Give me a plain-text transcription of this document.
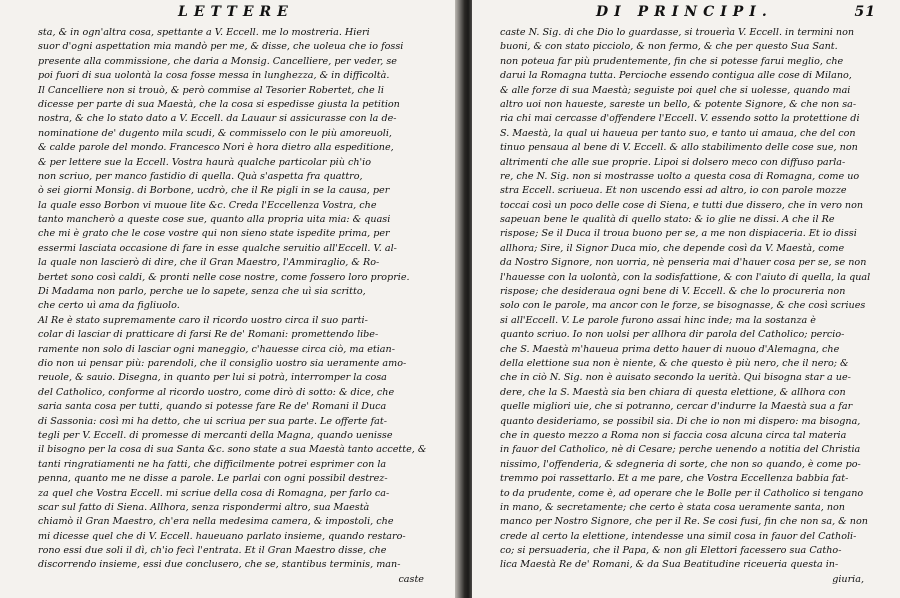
LETTERE
sta, & in ogn'altra cosa, spettante a V. Eccell. me lo mostreria. Hieri
suor d'ogni aspettation mia mandò per me, & disse, che uoleua che io fossi
presente alla commissione, che daria a Monsig. Cancelliere, per veder, se
poi fuori di sua uolontà la cosa fosse messa in lunghezza, & in difficoltà.
Il Cancelliere non si trouò, & però commise al Tesorier Robertet, che li
dicesse per parte di sua Maestà, che la cosa si espedisse giusta la petition
nostra, & che lo stato dato a V. Eccell. da Lauaur si assicurasse con la de-
nominatione de' dugento mila scudi, & commisselo con le più amoreuoli,
& calde parole del mondo. Francesco Nori è hora dietro alla espeditione,
& per lettere sue la Eccell. Vostra haurà qualche particolar più ch'io
non scriuo, per manco fastidio di quella. Quà s'aspetta fra quattro,
ò sei giorni Monsig. di Borbone, ucdrò, che il Re pigli in se la causa, per
la quale esso Borbon vi muoue lite &c. Creda l'Eccellenza Vostra, che
tanto mancherò a queste cose sue, quanto alla propria uita mia: & quasi
che mi è grato che le cose vostre qui non sieno state ispedite prima, per
essermi lasciata occasione di fare in esse qualche seruitio all'Eccell. V. al-
la quale non lascierò di dire, che il Gran Maestro, l'Ammiraglio, & Ro-
bertet sono così caldi, & pronti nelle cose nostre, come fossero loro proprie.
Di Madama non parlo, perche ue lo sapete, senza che uì sia scritto,
che certo uì ama da figliuolo.
Al Re è stato supremamente caro il ricordo uostro circa il suo parti-
colar di lasciar di pratticare di farsi Re de' Romani: promettendo libe-
ramente non solo di lasciar ogni maneggio, c'hauesse circa ciò, ma etian-
dio non ui pensar più: parendoli, che il consiglio uostro sia ueramente amo-
reuole, & sauio. Disegna, in quanto per lui si potrà, interromper la cosa
del Catholico, conforme al ricordo uostro, come dirò di sotto: & dice, che
saria santa cosa per tutti, quando si potesse fare Re de' Romani il Duca
di Sassonia: così mi ha detto, che ui scriua per sua parte. Le offerte fat-
tegli per V. Eccell. di promesse di mercanti della Magna, quando uenisse
il bisogno per la cosa di sua Santa &c. sono state a sua Maestà tanto accette, &
tanti ringratiamenti ne ha fatti, che difficilmente potrei esprimer con la
penna, quanto me ne disse a parole. Le parlai con ogni possibil destrez-
za quel che Vostra Eccell. mi scriue della cosa di Romagna, per farlo ca-
scar sul fatto di Siena. Allhora, senza rispondermi altro, sua Maestà
chiamò il Gran Maestro, ch'era nella medesima camera, & impostoli, che
mi dicesse quel che di V. Eccell. haueuano parlato insieme, quando restaro-
rono essi due soli il dì, ch'io fecì l'entrata. Et il Gran Maestro disse, che
discorrendo insieme, essi due conclusero, che se, stantibus terminis, man-
caste
DI PRINCIPI.	51
caste N. Sig. di che Dio lo guardasse, si trouerìa V. Eccell. in termini non
buoni, & con stato picciolo, & non fermo, & che per questo Sua Sant.
non poteua far più prudentemente, fin che si potesse farui meglio, che
darui la Romagna tutta. Percioche essendo contigua alle cose di Milano,
& alle forze di sua Maestà; seguiste poi quel che si uolesse, quando mai
altro uoi non haueste, sareste un bello, & potente Signore, & che non sa-
ria chi mai cercasse d'offendere l'Eccell. V. essendo sotto la protettione di
S. Maestà, la qual ui haueua per tanto suo, e tanto ui amaua, che del con
tinuo pensaua al bene di V. Eccell. & allo stabilimento delle cose sue, non
altrimenti che alle sue proprie. Lipoi si dolsero meco con diffuso parla-
re, che N. Sig. non si mostrasse uolto a questa cosa di Romagna, come uo
stra Eccell. scriueua. Et non uscendo essi ad altro, io con parole mozze
toccai così un poco delle cose di Siena, e tutti due dissero, che in vero non
sapeuan bene le qualità di quello stato: & io glie ne dissi. A che il Re
rispose; Se il Duca il troua buono per se, a me non dispiaceria. Et io dissi
allhora; Sire, il Signor Duca mio, che depende così da V. Maestà, come
da Nostro Signore, non uorria, nè penseria mai d'hauer cosa per se, se non
l'hauesse con la uolontà, con la sodisfattione, & con l'aiuto di quella, la qual
rispose; che desideraua ogni bene di V. Eccell. & che lo procureria non
solo con le parole, ma ancor con le forze, se bisognasse, & che così scriues
si all'Eccell. V. Le parole furono assai hinc inde; ma la sostanza è
quanto scriuo. Io non uolsi per allhora dir parola del Catholico; percio-
che S. Maestà m'haueua prima detto hauer di nuouo d'Alemagna, che
della elettione sua non è niente, & che questo è più nero, che il nero; &
che in ciò N. Sig. non è auisato secondo la uerità. Qui bisogna star a ue-
dere, che la S. Maestà sia ben chiara di questa elettione, & allhora con
quelle migliori uie, che si potranno, cercar d'indurre la Maestà sua a far
quanto desideriamo, se possibil sia. Di che io non mi dispero: ma bisogna,
che in questo mezzo a Roma non si faccia cosa alcuna circa tal materia
in fauor del Catholico, nè di Cesare; perche uenendo a notitia del Christia
nissimo, l'offenderia, & sdegneria di sorte, che non so quando, è come po-
tremmo poi rassettarlo. Et a me pare, che Vostra Eccellenza babbia fat-
to da prudente, come è, ad operare che le Bolle per il Catholico si tengano
in mano, & secretamente; che certo è stata cosa ueramente santa, non
manco per Nostro Signore, che per il Re. Se cosi fusi, fin che non sa, & non
crede al certo la elettione, intendesse una simil cosa in fauor del Catholi-
co; si persuaderia, che il Papa, & non gli Elettori facessero sua Catho-
lica Maestà Re de' Romani, & da Sua Beatitudine riceueria questa in-
giuria,
